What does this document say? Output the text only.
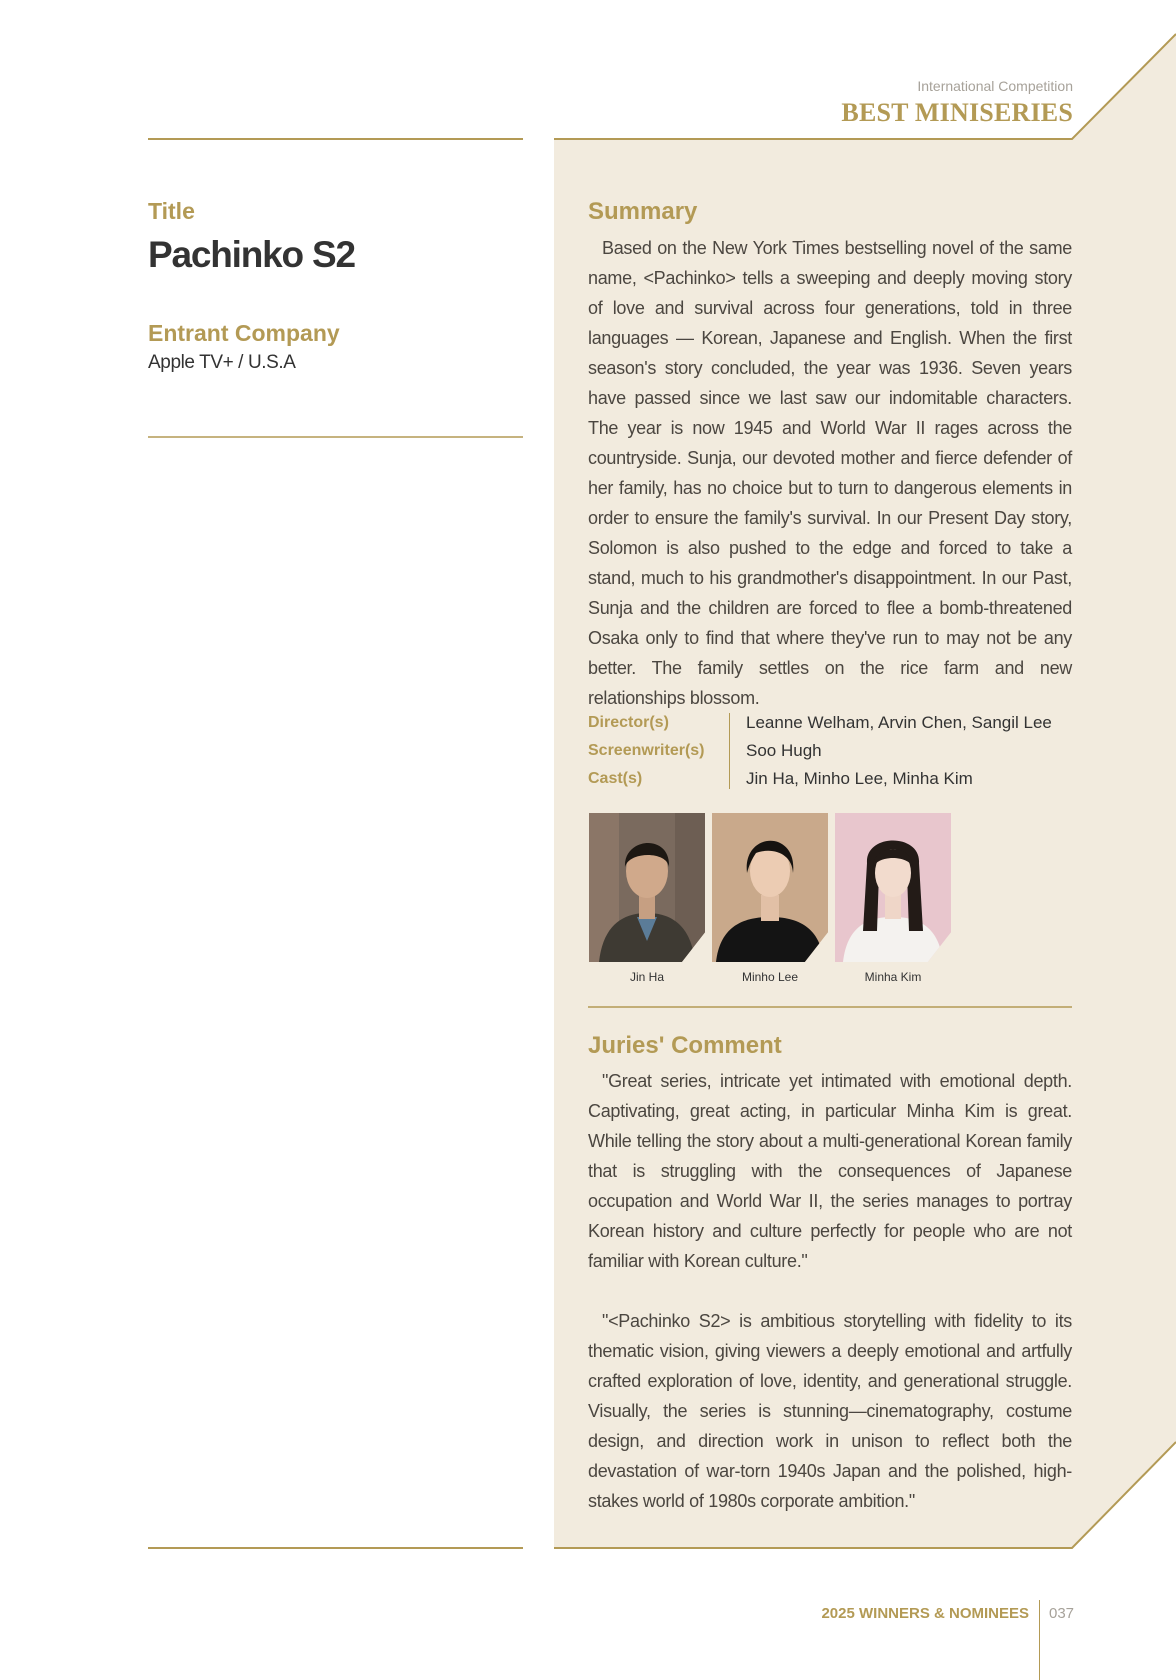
International Competition
BEST MINISERIES
Title
Pachinko S2
Entrant Company
Apple TV+ / U.S.A
Summary
Based on the New York Times bestselling novel of the same name, <Pachinko> tells a sweeping and deeply moving story of love and survival across four generations, told in three languages — Korean, Japanese and English. When the first season's story concluded, the year was 1936. Seven years have passed since we last saw our indomitable characters. The year is now 1945 and World War II rages across the countryside. Sunja, our devoted mother and fierce defender of her family, has no choice but to turn to dangerous elements in order to ensure the family's survival. In our Present Day story, Solomon is also pushed to the edge and forced to take a stand, much to his grandmother's disappointment. In our Past, Sunja and the children are forced to flee a bomb-threatened Osaka only to find that where they've run to may not be any better. The family settles on the rice farm and new relationships blossom.
Director(s)
Screenwriter(s)
Cast(s)
Leanne Welham, Arvin Chen, Sangil Lee
Soo Hugh
Jin Ha, Minho Lee, Minha Kim
Jin Ha	Minho Lee	Minha Kim
Juries' Comment
"Great series, intricate yet intimated with emotional depth. Captivating, great acting, in particular Minha Kim is great. While telling the story about a multi-generational Korean family that is struggling with the consequences of Japanese occupation and World War II, the series manages to portray Korean history and culture perfectly for people who are not familiar with Korean culture."
"<Pachinko S2> is ambitious storytelling with fidelity to its thematic vision, giving viewers a deeply emotional and artfully crafted exploration of love, identity, and generational struggle. Visually, the series is stunning—cinematography, costume design, and direction work in unison to reflect both the devastation of war-torn 1940s Japan and the polished, high-stakes world of 1980s corporate ambition."
2025 WINNERS & NOMINEES 037
